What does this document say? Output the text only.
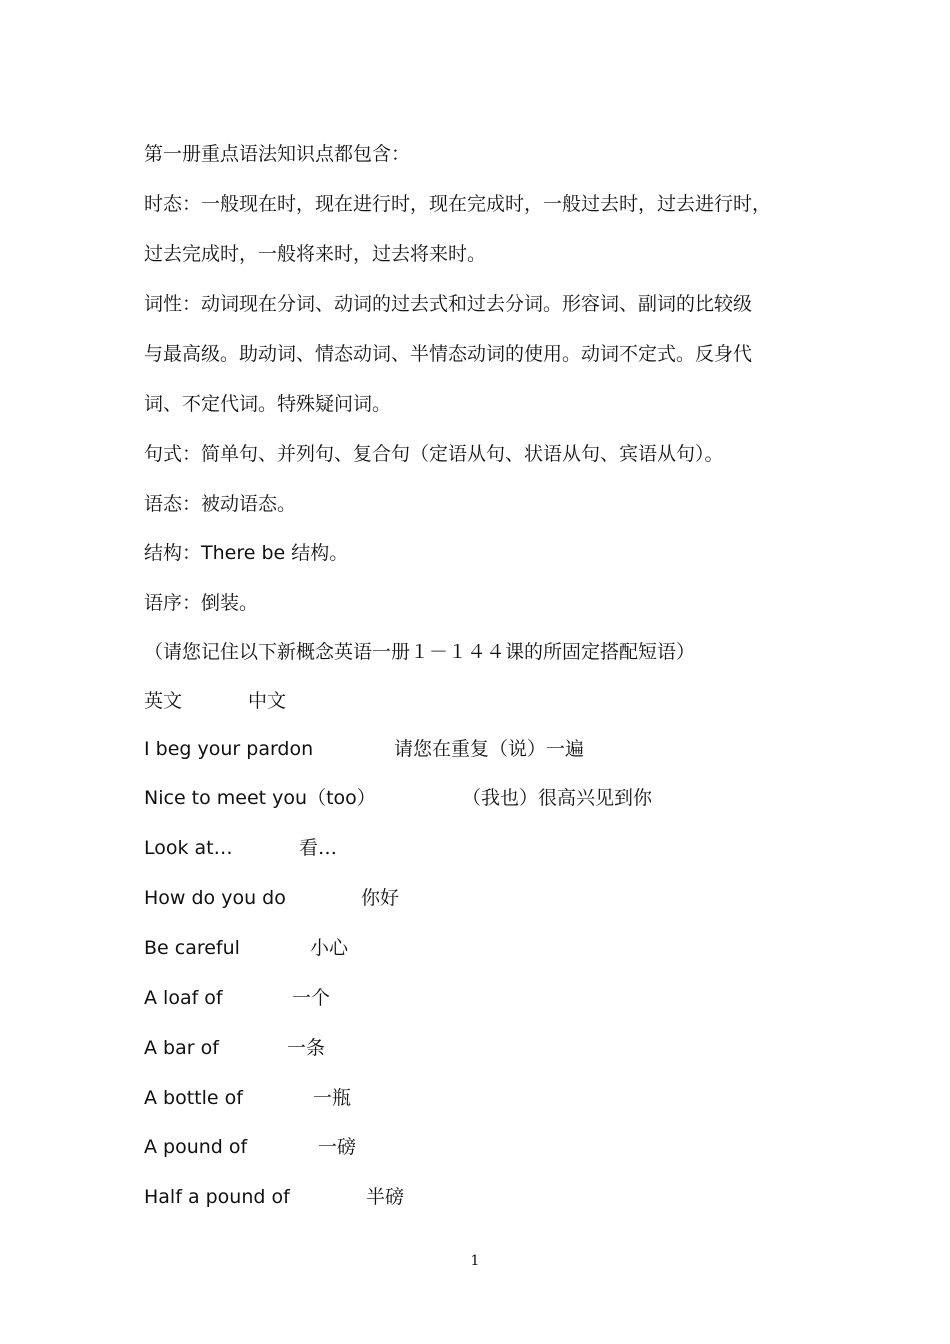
第一册重点语法知识点都包含：
时态：一般现在时，现在进行时，现在完成时，一般过去时，过去进行时，
过去完成时，一般将来时，过去将来时。
词性：动词现在分词、动词的过去式和过去分词。形容词、副词的比较级
与最高级。助动词、情态动词、半情态动词的使用。动词不定式。反身代
词、不定代词。特殊疑问词。
句式：简单句、并列句、复合句（定语从句、状语从句、宾语从句）。
语态：被动语态。
结构：There be 结构。
语序：倒装。
（请您记住以下新概念英语一册１－１４４课的所固定搭配短语）
英文	中文
I beg your pardon	请您在重复（说）一遍
Nice to meet you（too）	（我也）很高兴见到你
Look at…	看…
How do you do	你好
Be careful	小心
A loaf of	一个
A bar of	一条
A bottle of	一瓶
A pound of	一磅
Half a pound of	半磅
1
